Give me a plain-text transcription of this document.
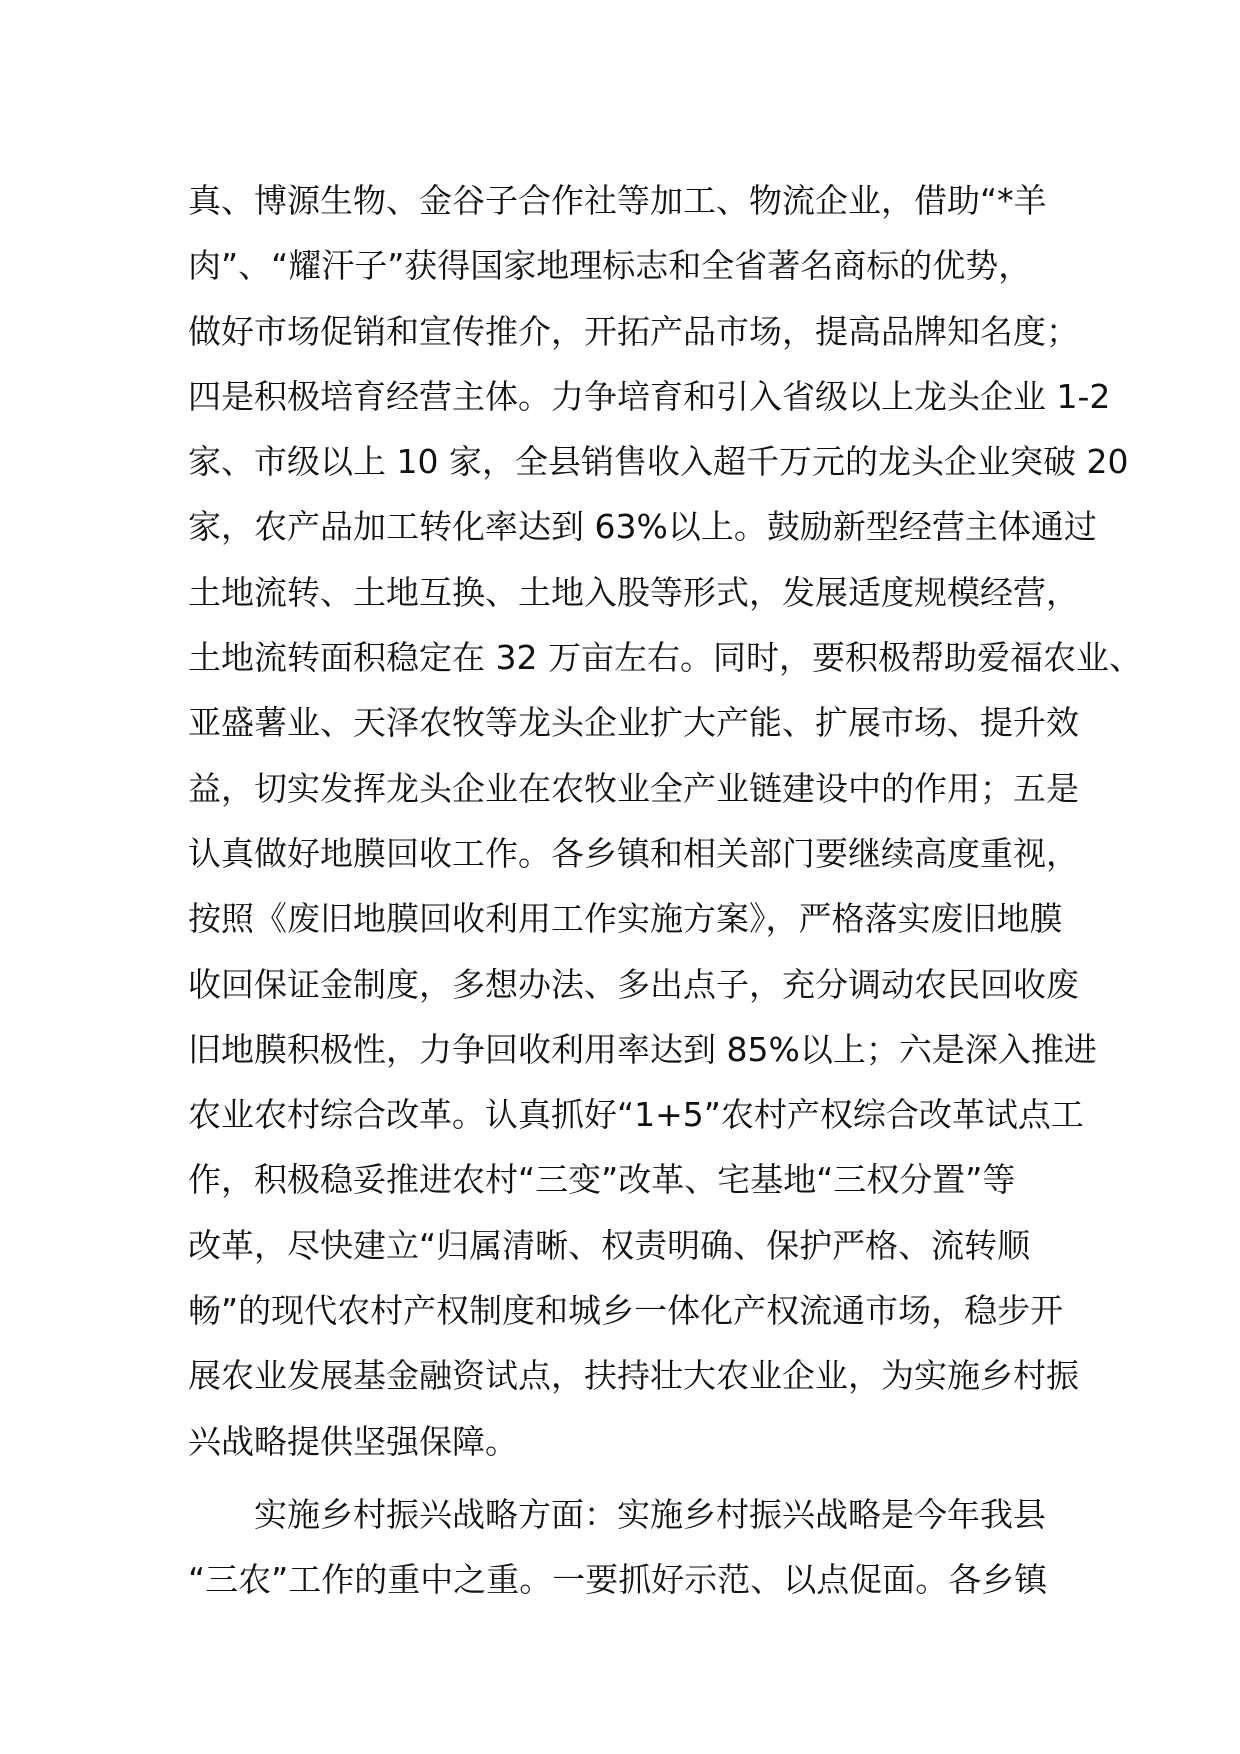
真、博源生物、金谷子合作社等加工、物流企业，借助“*羊
肉”、“耀汗子”获得国家地理标志和全省著名商标的优势，
做好市场促销和宣传推介，开拓产品市场，提高品牌知名度；
四是积极培育经营主体。力争培育和引入省级以上龙头企业 1-2
家、市级以上 10 家，全县销售收入超千万元的龙头企业突破 20
家，农产品加工转化率达到 63%以上。鼓励新型经营主体通过
土地流转、土地互换、土地入股等形式，发展适度规模经营，
土地流转面积稳定在 32 万亩左右。同时，要积极帮助爱福农业、
亚盛薯业、天泽农牧等龙头企业扩大产能、扩展市场、提升效
益，切实发挥龙头企业在农牧业全产业链建设中的作用；五是
认真做好地膜回收工作。各乡镇和相关部门要继续高度重视，
按照《废旧地膜回收利用工作实施方案》，严格落实废旧地膜
收回保证金制度，多想办法、多出点子，充分调动农民回收废
旧地膜积极性，力争回收利用率达到 85%以上；六是深入推进
农业农村综合改革。认真抓好“1+5”农村产权综合改革试点工
作，积极稳妥推进农村“三变”改革、宅基地“三权分置”等
改革，尽快建立“归属清晰、权责明确、保护严格、流转顺
畅”的现代农村产权制度和城乡一体化产权流通市场，稳步开
展农业发展基金融资试点，扶持壮大农业企业，为实施乡村振
兴战略提供坚强保障。
实施乡村振兴战略方面：实施乡村振兴战略是今年我县
“三农”工作的重中之重。一要抓好示范、以点促面。各乡镇
